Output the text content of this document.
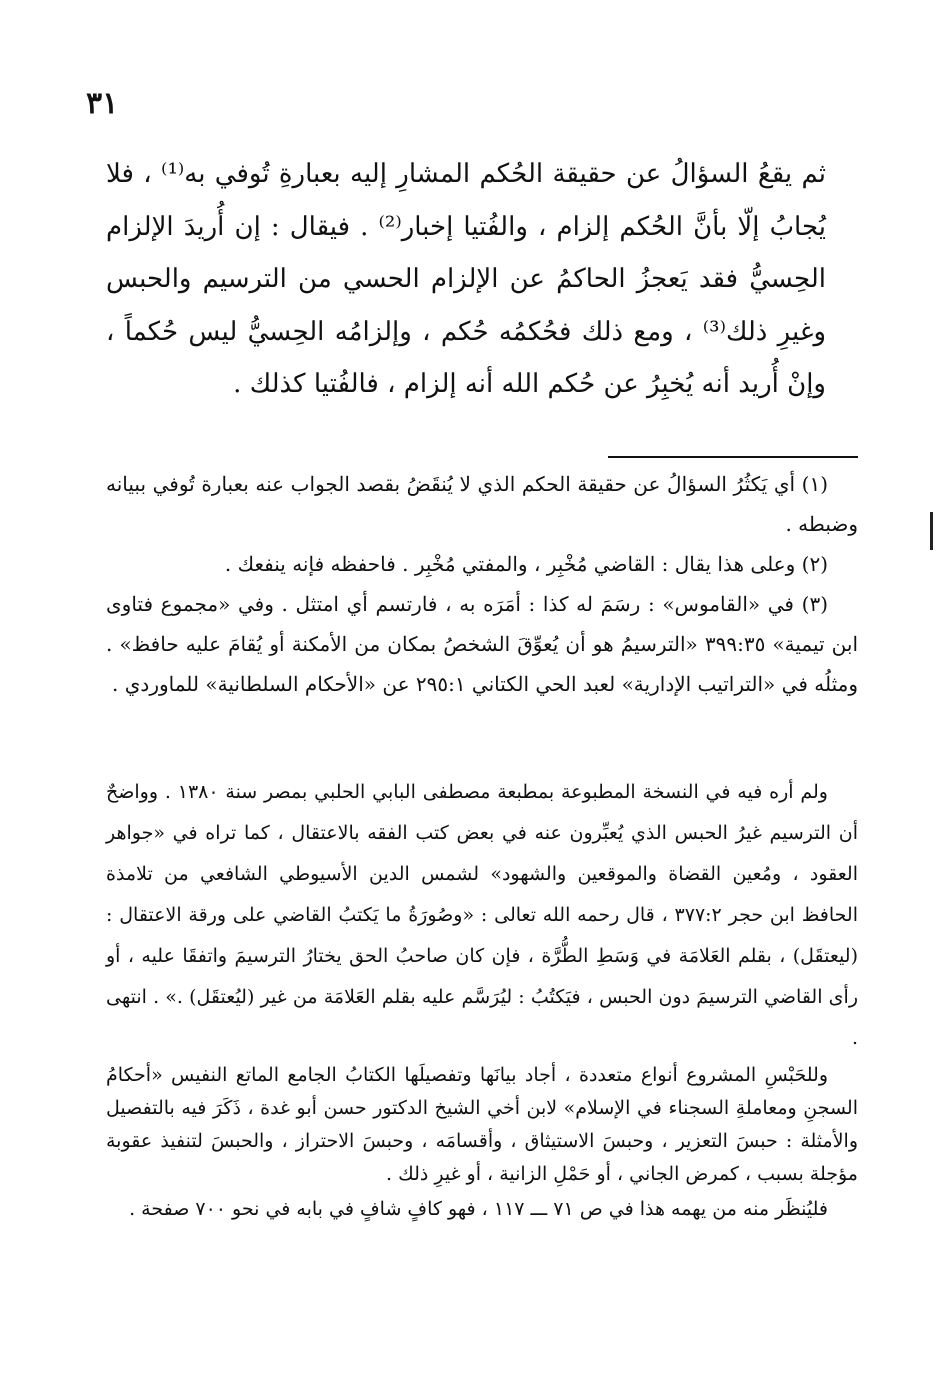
٣١

ثم يقعُ السؤالُ عن حقيقة الحُكم المشارِ إليه بعبارةِ تُوفي به⁽¹⁾ ، فلا يُجابُ إلّا بأنَّ الحُكم إلزام ، والفُتيا إخبار⁽²⁾ . فيقال : إن أُريدَ الإلزام الحِسيُّ فقد يَعجزُ الحاكمُ عن الإلزام الحسي من الترسيم والحبس وغيرِ ذلك⁽³⁾ ، ومع ذلك فحُكمُه حُكم ، وإلزامُه الحِسيُّ ليس حُكماً ، وإنْ أُريد أنه يُخبِرُ عن حُكم الله أنه إلزام ، فالفُتيا كذلك .

(١) أي يَكثُرُ السؤالُ عن حقيقة الحكم الذي لا يُنقَضُ بقصد الجواب عنه بعبارة تُوفي ببيانه وضبطه .

(٢) وعلى هذا يقال : القاضي مُخْبِر ، والمفتي مُخْبِر . فاحفظه فإنه ينفعك .

(٣) في «القاموس» : رسَمَ له كذا : أمَرَه به ، فارتسم أي امتثل . وفي «مجموع فتاوى ابن تيمية» ٣٩٩:٣٥ «الترسيمُ هو أن يُعوِّقَ الشخصُ بمكان من الأمكنة أو يُقامَ عليه حافظ» . ومثلُه في «التراتيب الإدارية» لعبد الحي الكتاني ٢٩٥:١ عن «الأحكام السلطانية» للماوردي .

ولم أره فيه في النسخة المطبوعة بمطبعة مصطفى البابي الحلبي بمصر سنة ١٣٨٠ . وواضحٌ أن الترسيم غيرُ الحبس الذي يُعبِّرون عنه في بعض كتب الفقه بالاعتقال ، كما تراه في «جواهر العقود ، ومُعين القضاة والموقعين والشهود» لشمس الدين الأسيوطي الشافعي من تلامذة الحافظ ابن حجر ٣٧٧:٢ ، قال رحمه الله تعالى : «وصُورَةُ ما يَكتبُ القاضي على ورقة الاعتقال : (ليعتقَل) ، بقلم العَلامَة في وَسَطِ الطُّرَّة ، فإن كان صاحبُ الحق يختارُ الترسيمَ واتفقَا عليه ، أو رأى القاضي الترسيمَ دون الحبس ، فيَكتُبُ : ليُرَسَّم عليه بقلم العَلامَة من غير (ليُعتقَل) .» . انتهى .

وللحَبْسِ المشروع أنواع متعددة ، أجاد بيانَها وتفصيلَها الكتابُ الجامع الماتع النفيس «أحكامُ السجنِ ومعاملةِ السجناء في الإسلام» لابن أخي الشيخ الدكتور حسن أبو غدة ، ذَكَرَ فيه بالتفصيل والأمثلة : حبسَ التعزير ، وحبسَ الاستيثاق ، وأقسامَه ، وحبسَ الاحتراز ، والحبسَ لتنفيذ عقوبة مؤجلة بسبب ، كمرض الجاني ، أو حَمْلِ الزانية ، أو غيرِ ذلك .

فليُنظَر منه من يهمه هذا في ص ٧١ ـــ ١١٧ ، فهو كافٍ شافٍ في بابه في نحو ٧٠٠ صفحة .
